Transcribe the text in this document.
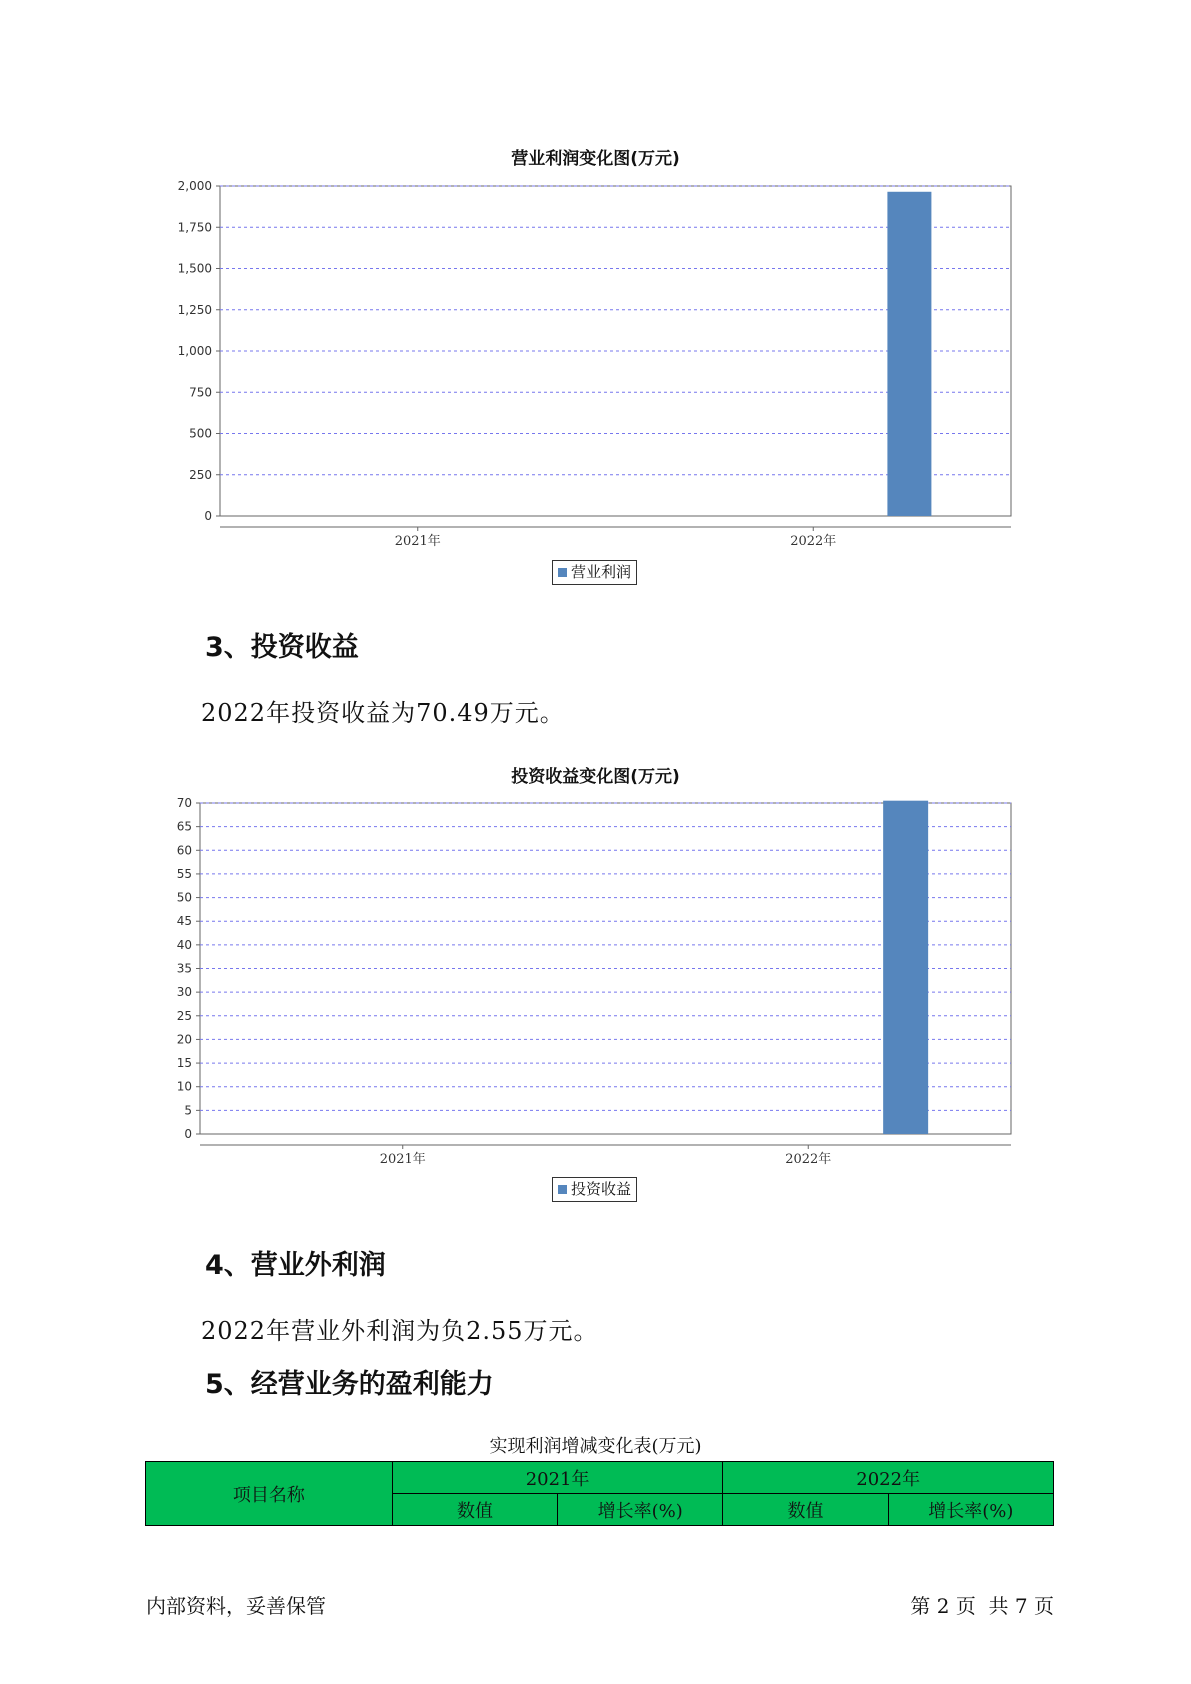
营业利润变化图(万元)
0
250
500
750
1,000
1,250
1,500
1,750
2,000
2021年	2022年
营业利润
3、投资收益
2022年投资收益为70.49万元。
投资收益变化图(万元)
0
5
10
15
20
25
30
35
40
45
50
55
60
65
70
2021年	2022年
投资收益
4、营业外利润
2022年营业外利润为负2.55万元。
5、经营业务的盈利能力
实现利润增减变化表(万元)
项目名称	2021年		2022年	
	数值	增长率(%)	数值	增长率(%)
内部资料，妥善保管	第 2 页  共 7 页
